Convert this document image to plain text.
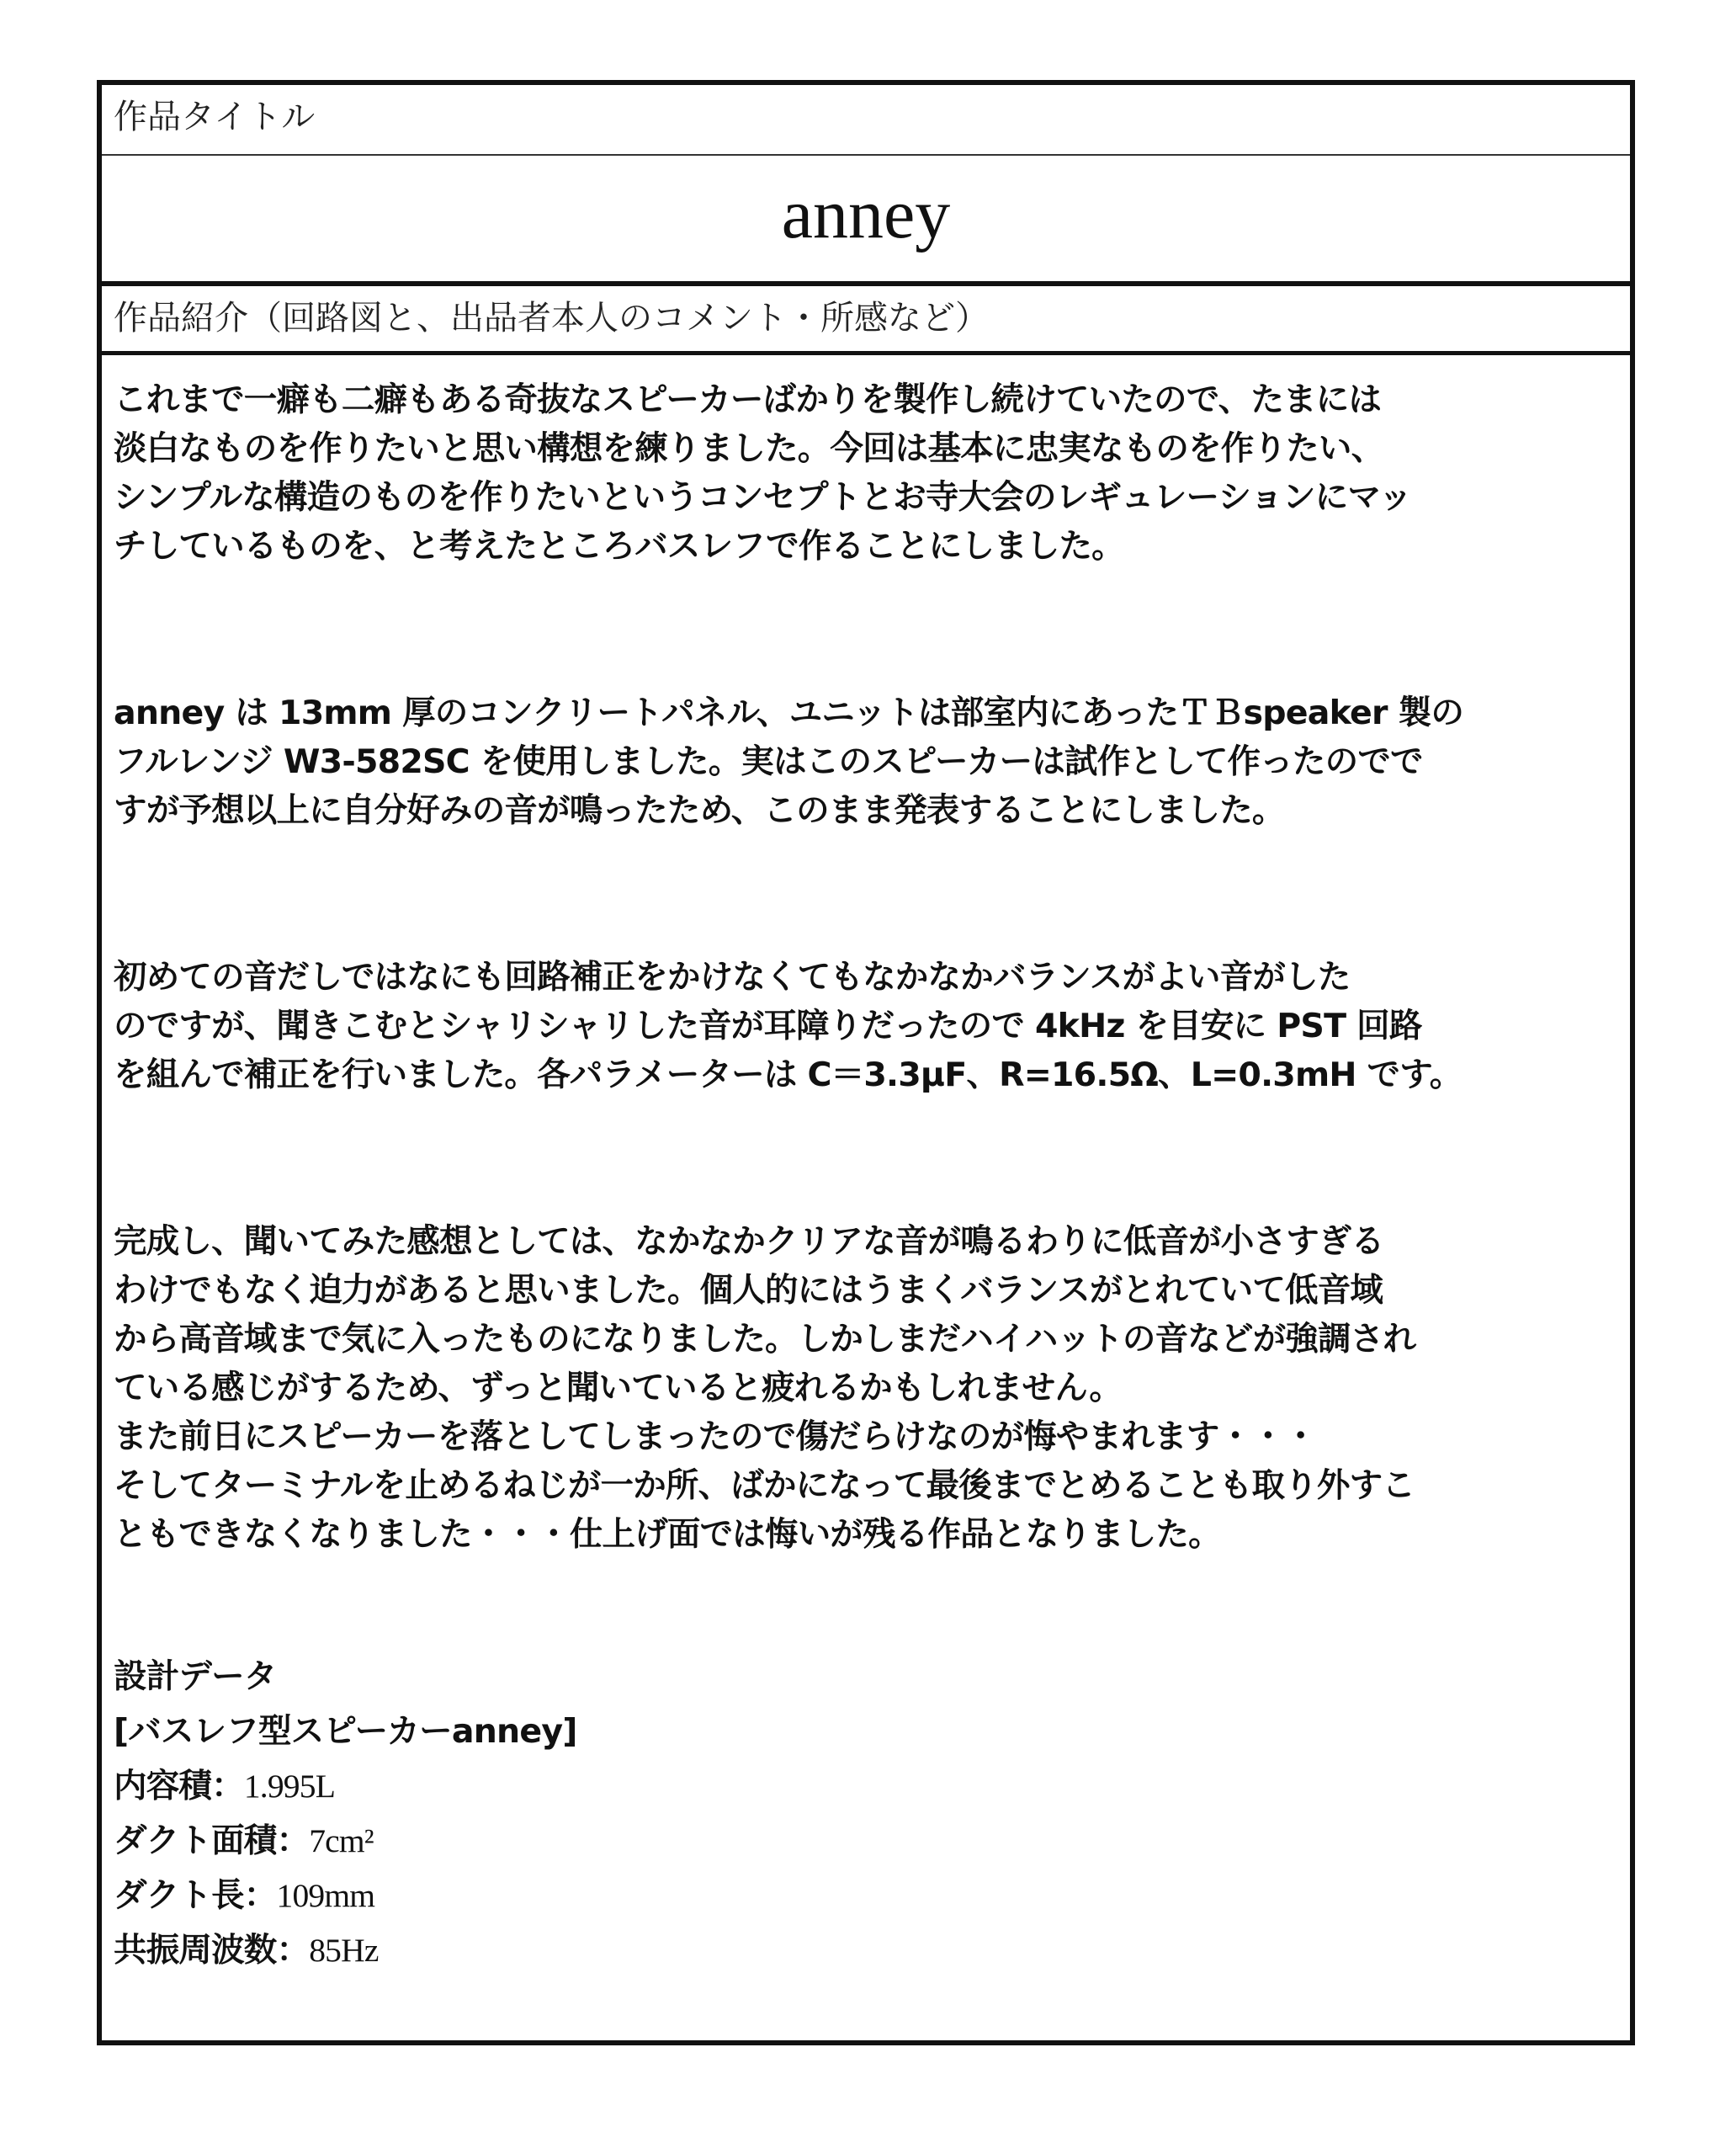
作品タイトル
anney
作品紹介（回路図と、出品者本人のコメント・所感など）

これまで一癖も二癖もある奇抜なスピーカーばかりを製作し続けていたので、たまには
淡白なものを作りたいと思い構想を練りました。今回は基本に忠実なものを作りたい、
シンプルな構造のものを作りたいというコンセプトとお寺大会のレギュレーションにマッ
チしているものを、と考えたところバスレフで作ることにしました。

anney は 13mm 厚のコンクリートパネル、ユニットは部室内にあったＴＢspeaker 製の
フルレンジ W3-582SC を使用しました。実はこのスピーカーは試作として作ったのでで
すが予想以上に自分好みの音が鳴ったため、このまま発表することにしました。

初めての音だしではなにも回路補正をかけなくてもなかなかバランスがよい音がした
のですが、聞きこむとシャリシャリした音が耳障りだったので 4kHz を目安に PST 回路
を組んで補正を行いました。各パラメーターは C＝3.3μF、R=16.5Ω、L=0.3mH です。

完成し、聞いてみた感想としては、なかなかクリアな音が鳴るわりに低音が小さすぎる
わけでもなく迫力があると思いました。個人的にはうまくバランスがとれていて低音域
から高音域まで気に入ったものになりました。しかしまだハイハットの音などが強調され
ている感じがするため、ずっと聞いていると疲れるかもしれません。
また前日にスピーカーを落としてしまったので傷だらけなのが悔やまれます・・・
そしてターミナルを止めるねじが一か所、ばかになって最後までとめることも取り外すこ
ともできなくなりました・・・仕上げ面では悔いが残る作品となりました。

設計データ
[バスレフ型スピーカーanney]
内容積：1.995L
ダクト面積：7cm²
ダクト長：109mm
共振周波数：85Hz
